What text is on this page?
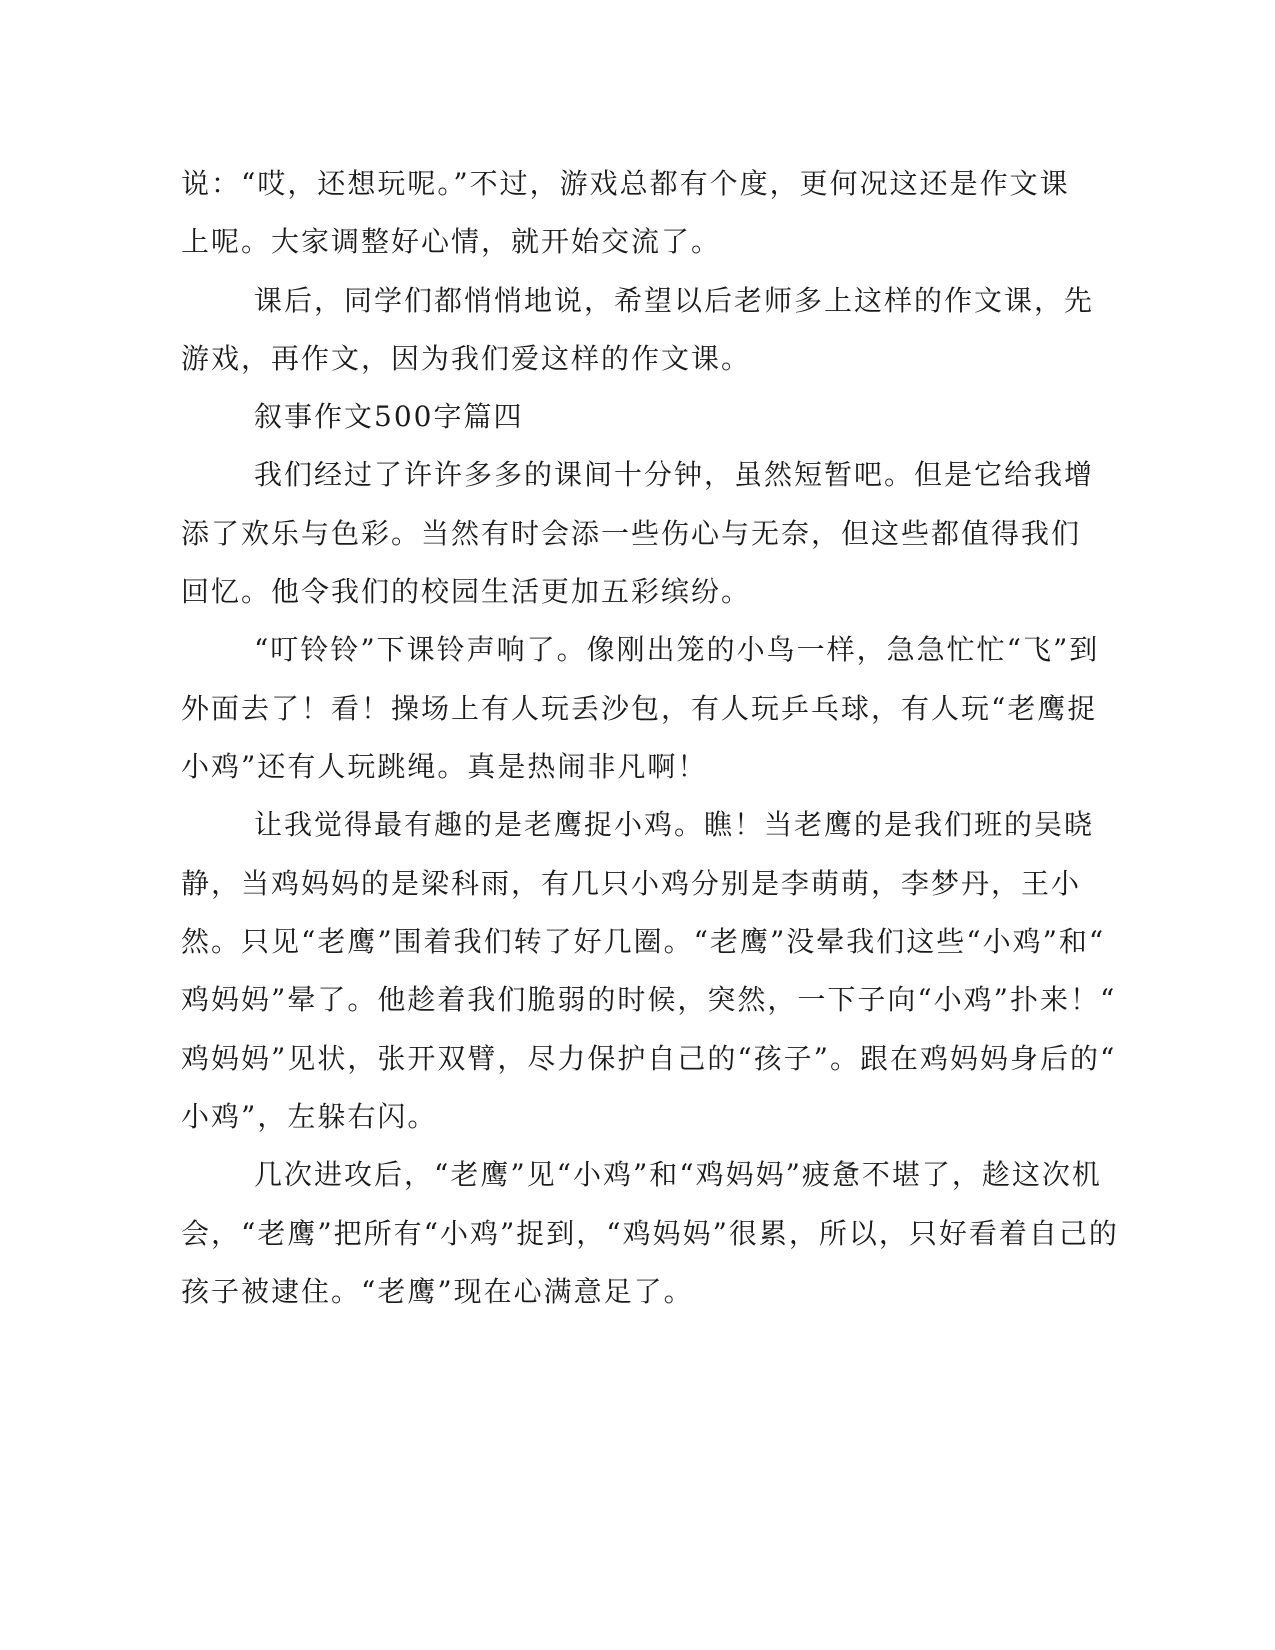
说：“哎，还想玩呢。”不过，游戏总都有个度，更何况这还是作文课
上呢。大家调整好心情，就开始交流了。
课后，同学们都悄悄地说，希望以后老师多上这样的作文课，先
游戏，再作文，因为我们爱这样的作文课。
叙事作文500字篇四
我们经过了许许多多的课间十分钟，虽然短暂吧。但是它给我增
添了欢乐与色彩。当然有时会添一些伤心与无奈，但这些都值得我们
回忆。他令我们的校园生活更加五彩缤纷。
“叮铃铃”下课铃声响了。像刚出笼的小鸟一样，急急忙忙“飞”到
外面去了！看！操场上有人玩丢沙包，有人玩乒乓球，有人玩“老鹰捉
小鸡”还有人玩跳绳。真是热闹非凡啊！
让我觉得最有趣的是老鹰捉小鸡。瞧！当老鹰的是我们班的吴晓
静，当鸡妈妈的是梁科雨，有几只小鸡分别是李萌萌，李梦丹，王小
然。只见“老鹰”围着我们转了好几圈。“老鹰”没晕我们这些“小鸡”和“
鸡妈妈”晕了。他趁着我们脆弱的时候，突然，一下子向“小鸡”扑来！“
鸡妈妈”见状，张开双臂，尽力保护自己的“孩子”。跟在鸡妈妈身后的“
小鸡”，左躲右闪。
几次进攻后，“老鹰”见“小鸡”和“鸡妈妈”疲惫不堪了，趁这次机
会，“老鹰”把所有“小鸡”捉到，“鸡妈妈”很累，所以，只好看着自己的
孩子被逮住。“老鹰”现在心满意足了。
